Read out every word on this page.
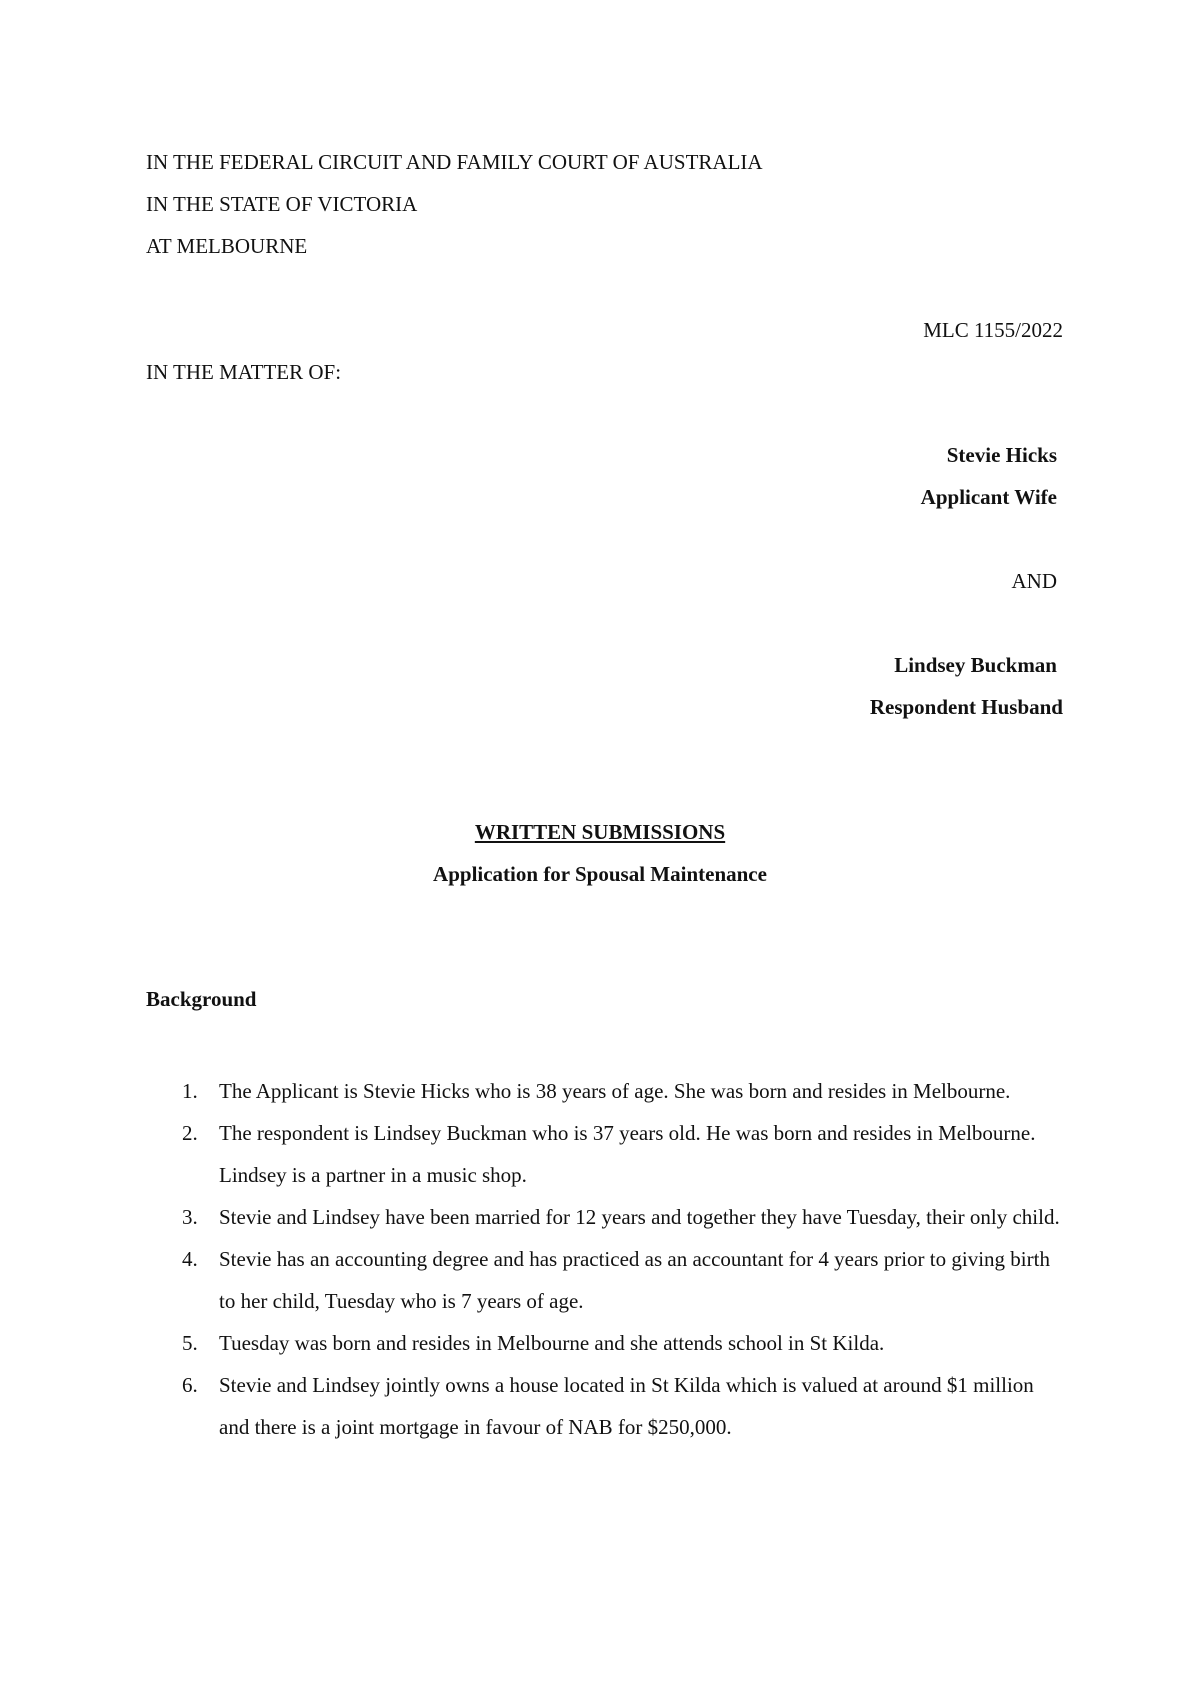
IN THE FEDERAL CIRCUIT AND FAMILY COURT OF AUSTRALIA
IN THE STATE OF VICTORIA
AT MELBOURNE
MLC 1155/2022
IN THE MATTER OF:
Stevie Hicks
Applicant Wife
AND
Lindsey Buckman
Respondent Husband
WRITTEN SUBMISSIONS
Application for Spousal Maintenance
Background
1. The Applicant is Stevie Hicks who is 38 years of age. She was born and resides in Melbourne.
2. The respondent is Lindsey Buckman who is 37 years old. He was born and resides in Melbourne. Lindsey is a partner in a music shop.
3. Stevie and Lindsey have been married for 12 years and together they have Tuesday, their only child.
4. Stevie has an accounting degree and has practiced as an accountant for 4 years prior to giving birth to her child, Tuesday who is 7 years of age.
5. Tuesday was born and resides in Melbourne and she attends school in St Kilda.
6. Stevie and Lindsey jointly owns a house located in St Kilda which is valued at around $1 million and there is a joint mortgage in favour of NAB for $250,000.
